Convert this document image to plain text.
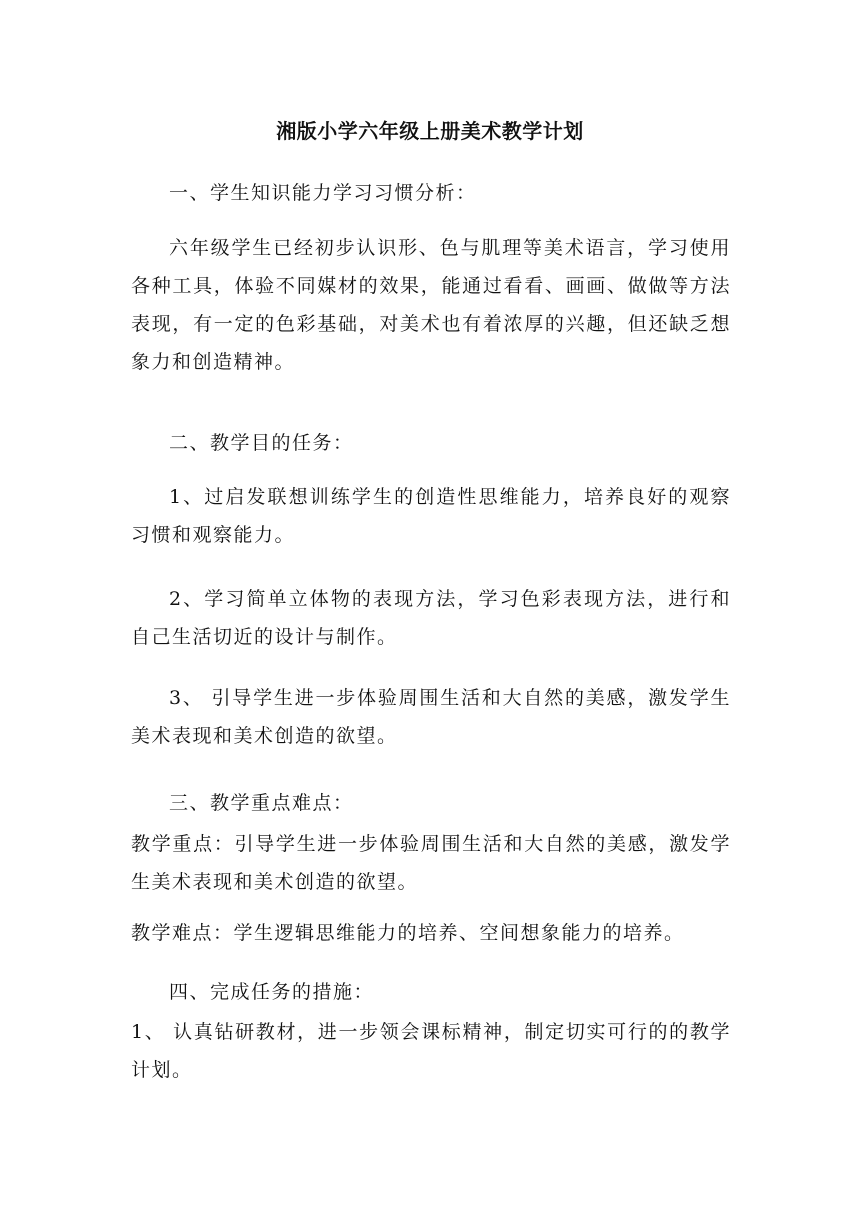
湘版小学六年级上册美术教学计划
一、学生知识能力学习习惯分析：

六年级学生已经初步认识形、色与肌理等美术语言，学习使用各种工具，体验不同媒材的效果，能通过看看、画画、做做等方法表现，有一定的色彩基础，对美术也有着浓厚的兴趣，但还缺乏想象力和创造精神。

二、教学目的任务：

1、过启发联想训练学生的创造性思维能力，培养良好的观察习惯和观察能力。

2、学习简单立体物的表现方法，学习色彩表现方法，进行和自己生活切近的设计与制作。

3、 引导学生进一步体验周围生活和大自然的美感，激发学生美术表现和美术创造的欲望。

三、教学重点难点：

教学重点：引导学生进一步体验周围生活和大自然的美感，激发学生美术表现和美术创造的欲望。

教学难点：学生逻辑思维能力的培养、空间想象能力的培养。

四、完成任务的措施：

1、 认真钻研教材，进一步领会课标精神，制定切实可行的的教学计划。
